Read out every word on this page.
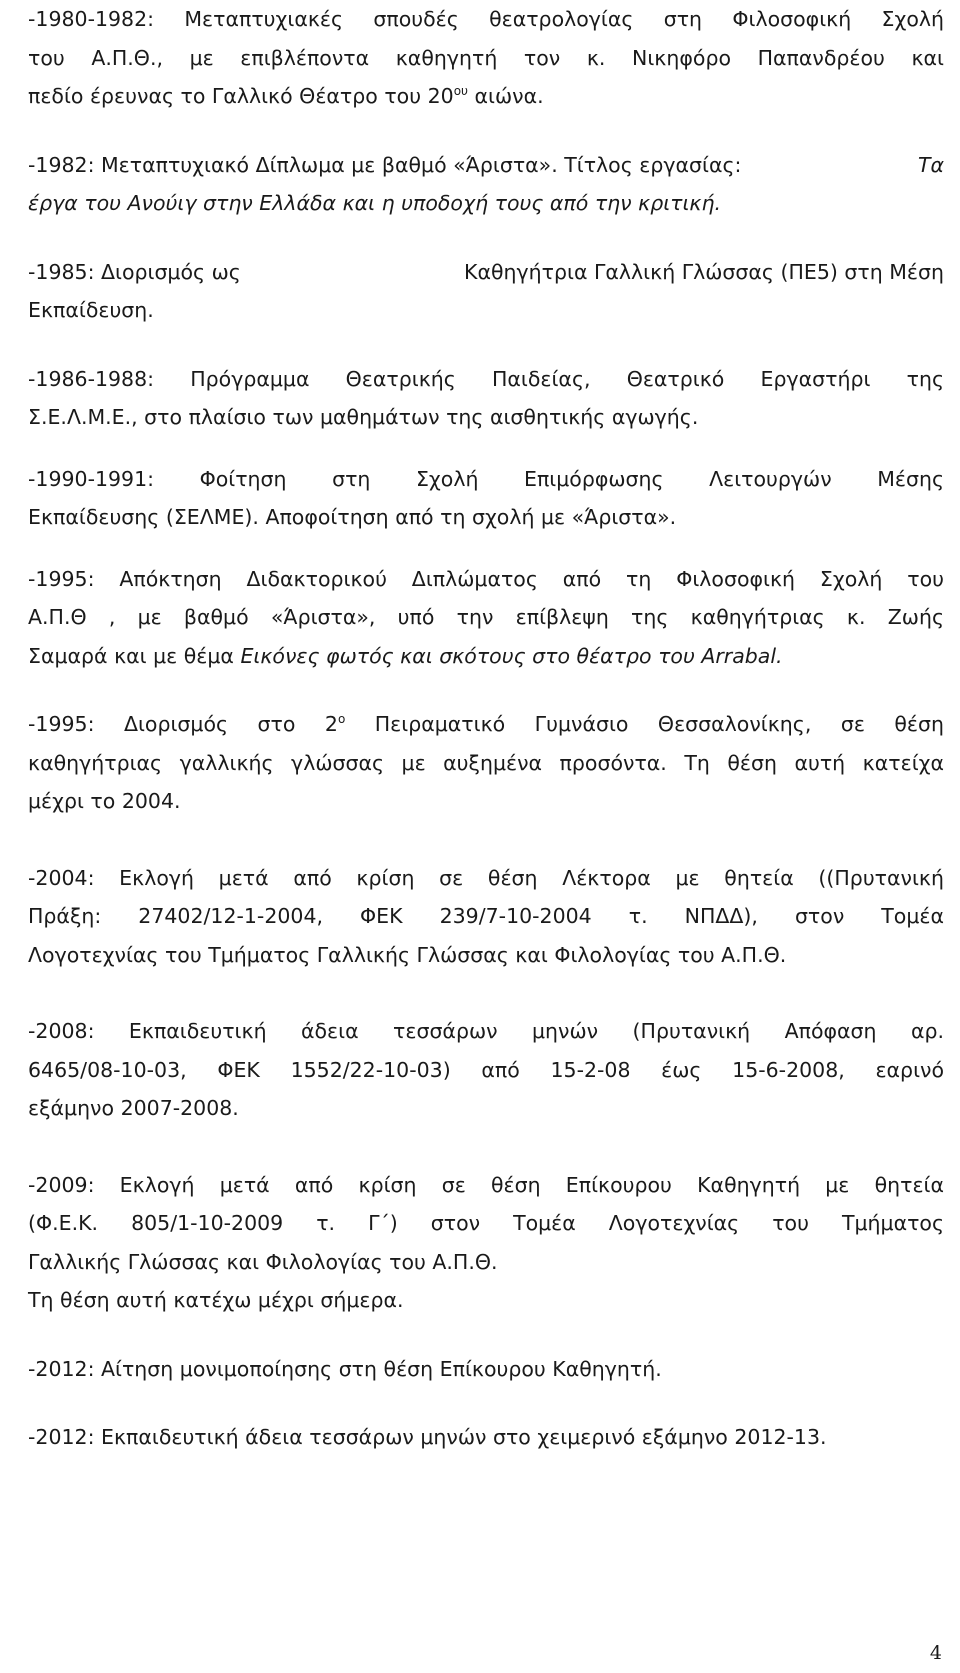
-1980-1982: Μεταπτυχιακές σπουδές θεατρολογίας στη Φιλοσοφική Σχολή
του Α.Π.Θ., με επιβλέποντα καθηγητή τον κ. Νικηφόρο Παπανδρέου και
πεδίο έρευνας το Γαλλικό Θέατρο του $20^{o\upsilon}$ αιώνα.
-1982: Μεταπτυχιακό Δίπλωμα με βαθμό «Άριστα». Τίτλος εργασίας:	Τα
έργα του Ανούιγ στην Ελλάδα και η υποδοχή τους από την κριτική.
-1985: Διορισμός ως	Καθηγήτρια Γαλλική Γλώσσας (ΠΕ5) στη Μέση
Εκπαίδευση.
-1986-1988: Πρόγραμμα Θεατρικής Παιδείας, Θεατρικό Εργαστήρι της
Σ.Ε.Λ.Μ.Ε., στο πλαίσιο των μαθημάτων της αισθητικής αγωγής.
-1990-1991: Φοίτηση στη Σχολή Επιμόρφωσης Λειτουργών Μέσης
Εκπαίδευσης (ΣΕΛΜΕ). Αποφοίτηση από τη σχολή με «Άριστα».
-1995: Απόκτηση Διδακτορικού Διπλώματος από τη Φιλοσοφική Σχολή του
Α.Π.Θ , με βαθμό «Άριστα», υπό την επίβλεψη της καθηγήτριας κ. Ζωής
Σαμαρά και με θέμα Εικόνες φωτός και σκότους στο θέατρο του Arrabal.
-1995: Διορισμός στο $2^o$ Πειραματικό Γυμνάσιο Θεσσαλονίκης, σε θέση
καθηγήτριας γαλλικής γλώσσας με αυξημένα προσόντα. Τη θέση αυτή κατείχα
μέχρι το 2004.
-2004: Εκλογή μετά από κρίση σε θέση Λέκτορα με θητεία ((Πρυτανική
Πράξη: 27402/12-1-2004, ΦΕΚ 239/7-10-2004 τ. ΝΠΔΔ), στον Τομέα
Λογοτεχνίας του Τμήματος Γαλλικής Γλώσσας και Φιλολογίας του Α.Π.Θ.
-2008: Εκπαιδευτική άδεια τεσσάρων μηνών (Πρυτανική Απόφαση αρ.
6465/08-10-03, ΦΕΚ 1552/22-10-03) από 15-2-08 έως 15-6-2008, εαρινό
εξάμηνο 2007-2008.
-2009: Εκλογή μετά από κρίση σε θέση Επίκουρου Καθηγητή με θητεία
(Φ.Ε.Κ. 805/1-10-2009 τ. Γ΄) στον Τομέα Λογοτεχνίας του Τμήματος
Γαλλικής Γλώσσας και Φιλολογίας του Α.Π.Θ.
Τη θέση αυτή κατέχω μέχρι σήμερα.
-2012: Αίτηση μονιμοποίησης στη θέση Επίκουρου Καθηγητή.
-2012: Εκπαιδευτική άδεια τεσσάρων μηνών στο χειμερινό εξάμηνο 2012-13.
4
